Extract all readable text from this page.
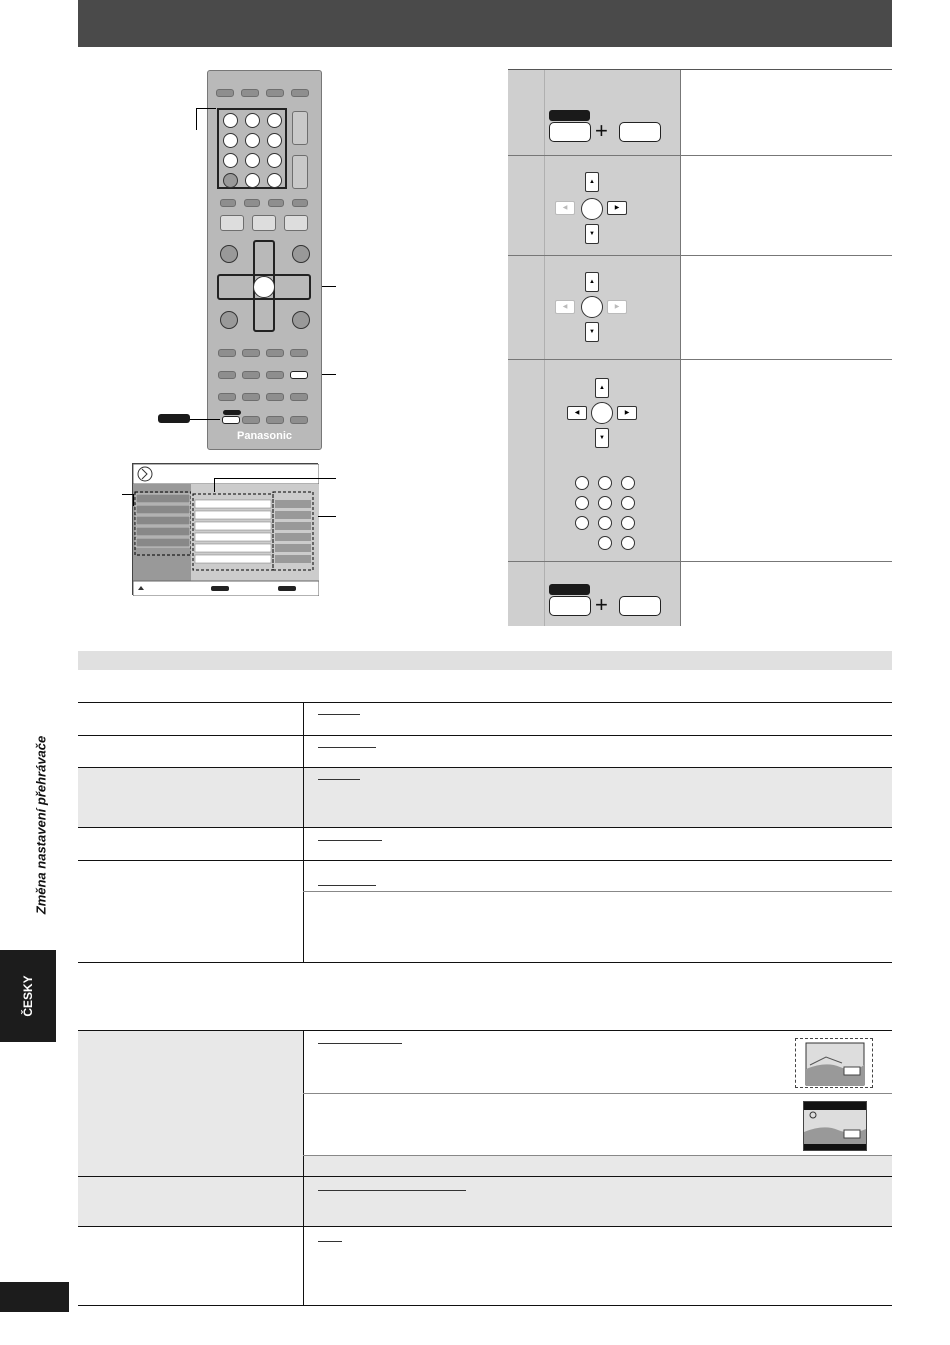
Změna nastavení přehrávače
ČESKY
Panasonic
+
▲
◀	▶
▼
▲
◀	▶
▼
▲
◀	▶
▼
+
